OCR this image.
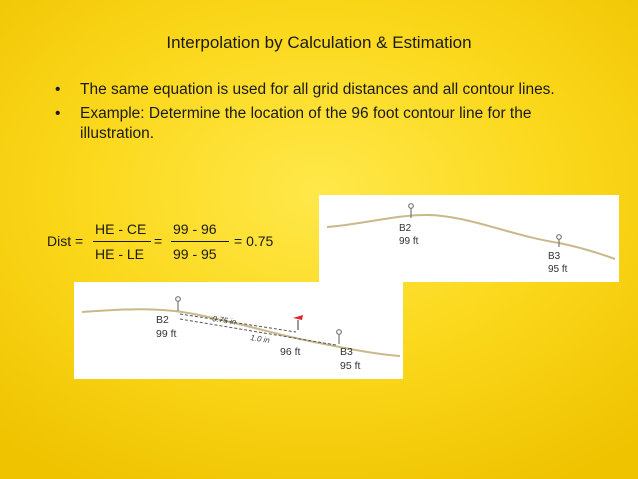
Interpolation by Calculation & Estimation
• The same equation is used for all grid distances and all contour lines.
• Example: Determine the location of the 96 foot contour line for the illustration.
Dist =
HE - CE
HE - LE
=
99 - 96
99 - 95
= 0.75
B2
99 ft
B3
95 ft
B2
99 ft
B3
95 ft
0.75 in
1.0 in
96 ft
